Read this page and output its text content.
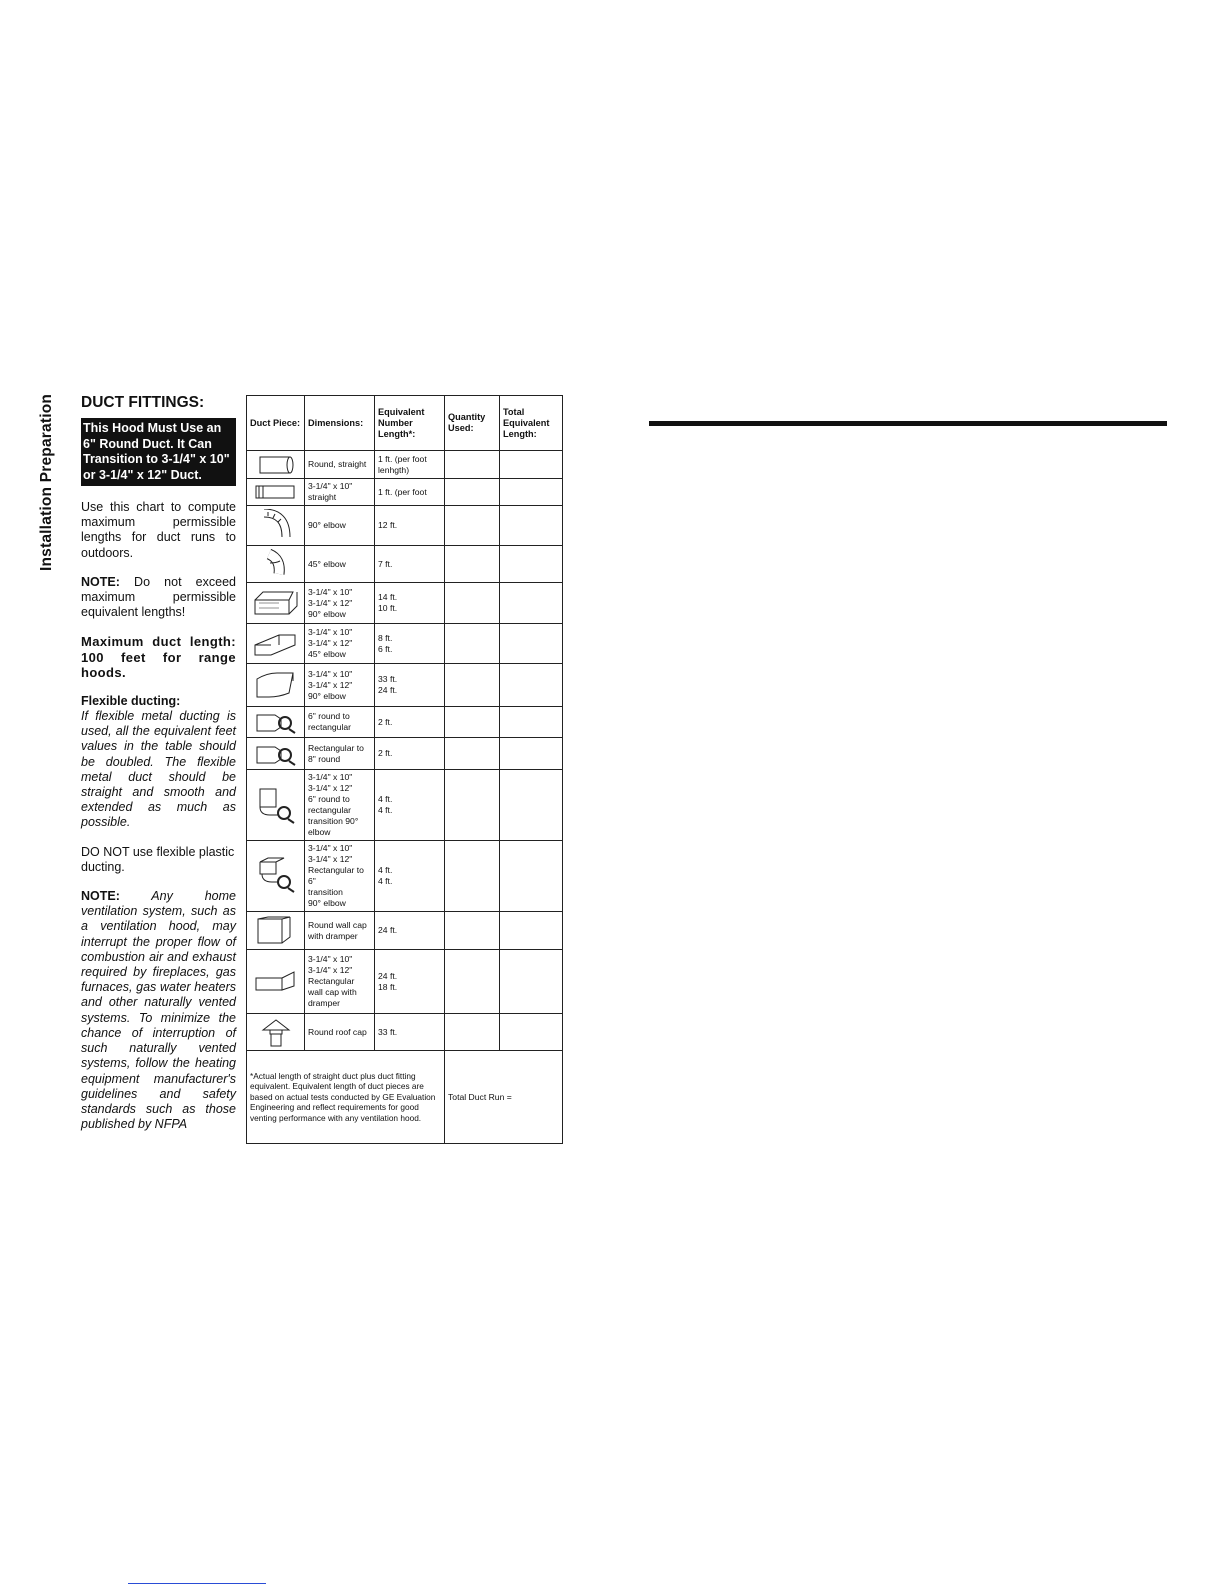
Installation Preparation	DUCT FITTINGS:
This Hood Must Use an 6" Round Duct. It Can Transition to 3-1/4" x 10" or 3-1/4" x 12" Duct.

Use this chart to compute maximum permissible lengths for duct runs to outdoors.

NOTE: Do not exceed maximum permissible equivalent lengths!

Maximum duct length: 100 feet for range hoods.

Flexible ducting:

If flexible metal ducting is used, all the equivalent feet values in the table should be doubled. The flexible metal duct should be straight and smooth and extended as much as possible.

DO NOT use flexible plastic ducting.

NOTE: Any home ventilation system, such as a ventilation hood, may interrupt the proper flow of combustion air and exhaust required by fireplaces, gas furnaces, gas water heaters and other naturally vented systems. To minimize the chance of interruption of such naturally vented systems, follow the heating equipment manufacturer's guidelines and safety standards such as those published by NFPA

Duct Piece:	Dimensions:	Equivalent Number Length*:	Quantity Used:	Total Equivalent Length:

	Round, straight	1 ft. (per foot lenhgth)		

	3-1/4" x 10" straight	1 ft. (per foot		

	90° elbow	12 ft.		

	45° elbow	7 ft.		

	3-1/4" x 10"
3-1/4" x 12"
90° elbow	14 ft.
10 ft.		

	3-1/4" x 10"
3-1/4" x 12"
45° elbow	8 ft.
6 ft.		

	3-1/4" x 10"
3-1/4" x 12"
90° elbow	33 ft.
24 ft.		

	6" round to rectangular	2 ft.		

	Rectangular to 8" round	2 ft.		

	3-1/4" x 10"
3-1/4" x 12"
6" round to rectangular transition 90° elbow	4 ft.
4 ft.		

	3-1/4" x 10"
3-1/4" x 12"
Rectangular to 6"
transition
90° elbow	4 ft.
4 ft.		

	Round wall cap with dramper	24 ft.		

	3-1/4" x 10"
3-1/4" x 12"
Rectangular wall cap with dramper	24 ft.
18 ft.		

	Round roof cap	33 ft.		
*Actual length of straight duct plus duct fitting equivalent. Equivalent length of duct pieces are based on actual tests conducted by GE Evaluation Engineering and reflect requirements for good venting performance with any ventilation hood.			Total Duct Run =	
